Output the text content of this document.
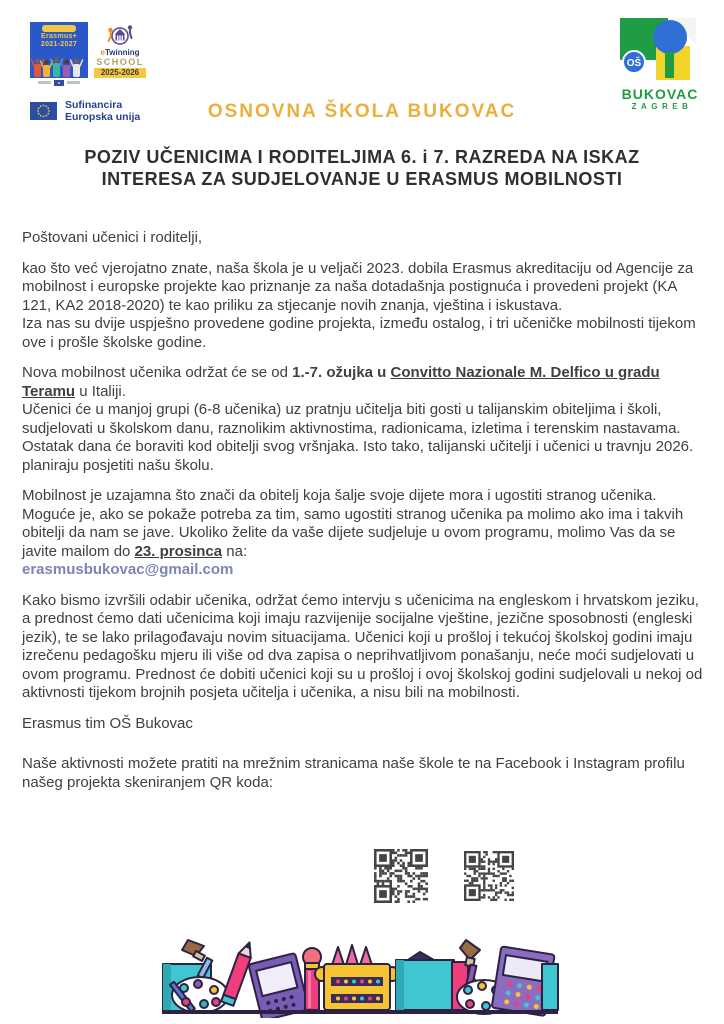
Erasmus+
2021-2027
eTwinning
SCHOOL
2025-2026
Sufinancira
Europska unija	OSNOVNA ŠKOLA BUKOVAC
OŠ
BUKOVAC
ZAGREB
POZIV UČENICIMA I RODITELJIMA 6. i 7. RAZREDA NA ISKAZ INTERESA ZA SUDJELOVANJE U ERASMUS MOBILNOSTI

Poštovani učenici i roditelji,

kao što već vjerojatno znate, naša škola je u veljači 2023. dobila Erasmus akreditaciju od Agencije za mobilnost i europske projekte kao priznanje za naša dotadašnja postignuća i provedeni projekt (KA 121, KA2 2018-2020) te kao priliku za stjecanje novih znanja, vještina i iskustava.
Iza nas su dvije uspješno provedene godine projekta, između ostalog, i tri učeničke mobilnosti tijekom ove i prošle školske godine.

Nova mobilnost učenika održat će se od 1.-7. ožujka u Convitto Nazionale M. Delfico u gradu Teramu u Italiji.
Učenici će u manjoj grupi (6-8 učenika) uz pratnju učitelja biti gosti u talijanskim obiteljima i školi, sudjelovati u školskom danu, raznolikim aktivnostima, radionicama, izletima i terenskim nastavama. Ostatak dana će boraviti kod obitelji svog vršnjaka. Isto tako, talijanski učitelji i učenici u travnju 2026. planiraju posjetiti našu školu.

Mobilnost je uzajamna što znači da obitelj koja šalje svoje dijete mora i ugostiti stranog učenika. Moguće je, ako se pokaže potreba za tim, samo ugostiti stranog učenika pa molimo ako ima i takvih obitelji da nam se jave. Ukoliko želite da vaše dijete sudjeluje u ovom programu, molimo Vas da se javite mailom do 23. prosinca na:
erasmusbukovac@gmail.com

Kako bismo izvršili odabir učenika, održat ćemo intervju s učenicima na engleskom i hrvatskom jeziku, a prednost ćemo dati učenicima koji imaju razvijenije socijalne vještine, jezične sposobnosti (engleski jezik), te se lako prilagođavaju novim situacijama. Učenici koji u prošloj i tekućoj školskoj godini imaju izrečenu pedagošku mjeru ili više od dva zapisa o neprihvatljivom ponašanju, neće moći sudjelovati u ovom programu. Prednost će dobiti učenici koji su u prošloj i ovoj školskoj godini sudjelovali u nekoj od aktivnosti tijekom brojnih posjeta učitelja i učenika, a nisu bili na mobilnosti.

Erasmus tim OŠ Bukovac

Naše aktivnosti možete pratiti na mrežnim stranicama naše škole te na Facebook i Instagram profilu našeg projekta skeniranjem QR koda:
